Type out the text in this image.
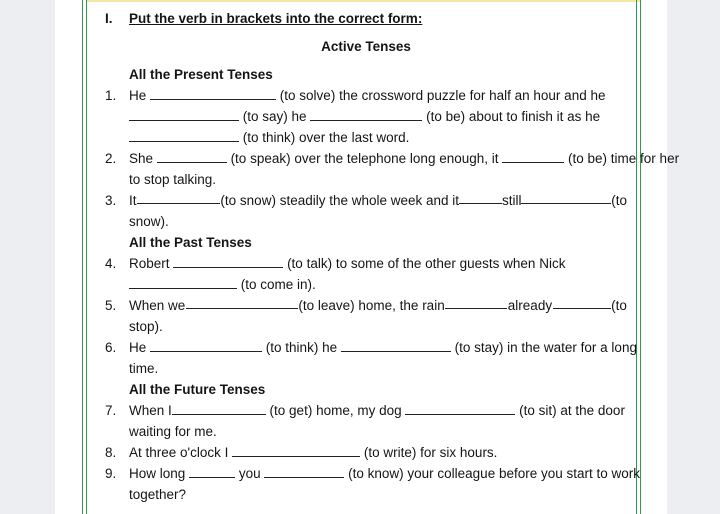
I. Put the verb in brackets into the correct form:
Active Tenses
All the Present Tenses
1. He	(to solve) the crossword puzzle for half an hour and he
(to say) he	(to be) about to finish it as he
(to think) over the last word.
2. She	(to speak) over the telephone long enough, it	(to be) time for her
to stop talking.
3. It	(to snow) steadily the whole week and it	still	(to
snow).
All the Past Tenses
4. Robert	(to talk) to some of the other guests when Nick
(to come in).
5. When we	(to leave) home, the rain	already	(to
stop).
6. He	(to think) he	(to stay) in the water for a long
time.
All the Future Tenses
7. When I	(to get) home, my dog	(to sit) at the door
waiting for me.
8. At three o'clock I	(to write) for six hours.
9. How long	you	(to know) your colleague before you start to work
together?
